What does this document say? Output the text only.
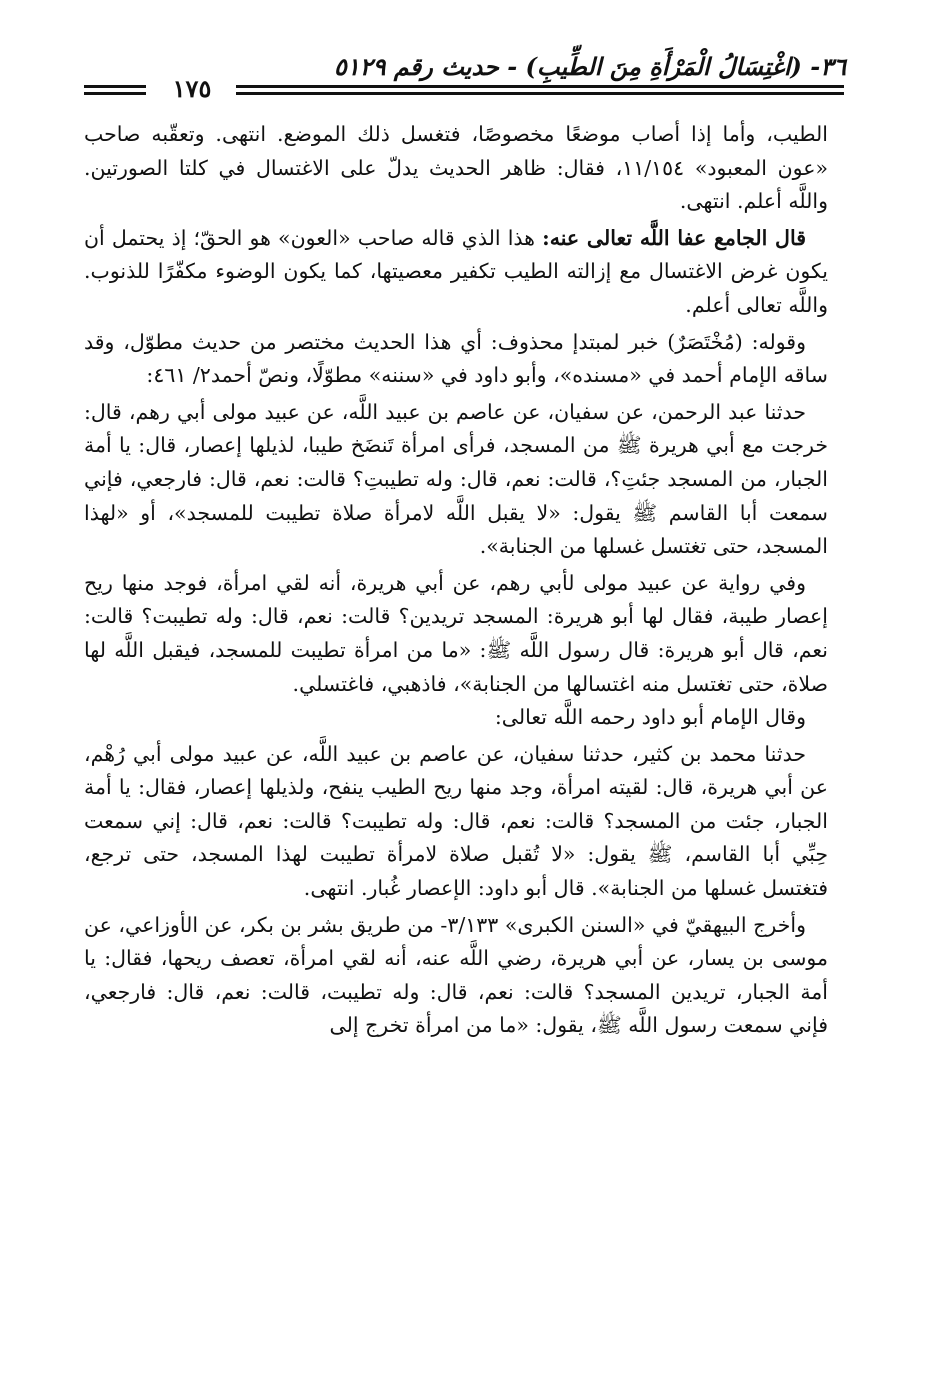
٣٦- (اغْتِسَالُ الْمَرْأَةِ مِنَ الطِّيبِ) - حديث رقم ٥١٢٩
١٧٥

الطيب، وأما إذا أصاب موضعًا مخصوصًا، فتغسل ذلك الموضع. انتهى. وتعقّبه صاحب «عون المعبود» ١١/١٥٤، فقال: ظاهر الحديث يدلّ على الاغتسال في كلتا الصورتين. واللَّه أعلم. انتهى.

قال الجامع عفا اللَّه تعالى عنه: هذا الذي قاله صاحب «العون» هو الحقّ؛ إذ يحتمل أن يكون غرض الاغتسال مع إزالته الطيب تكفير معصيتها، كما يكون الوضوء مكفّرًا للذنوب. واللَّه تعالى أعلم.

وقوله: (مُخْتَصَرٌ) خبر لمبتدإ محذوف: أي هذا الحديث مختصر من حديث مطوّل، وقد ساقه الإمام أحمد في «مسنده»، وأبو داود في «سننه» مطوّلًا، ونصّ أحمد٢/ ٤٦١:

حدثنا عبد الرحمن، عن سفيان، عن عاصم بن عبيد اللَّه، عن عبيد مولى أبي رهم، قال: خرجت مع أبي هريرة ﷺ من المسجد، فرأى امرأة تَنضَخ طيبا، لذيلها إعصار، قال: يا أمة الجبار، من المسجد جئتِ؟، قالت: نعم، قال: وله تطيبتِ؟ قالت: نعم، قال: فارجعي، فإني سمعت أبا القاسم ﷺ يقول: «لا يقبل اللَّه لامرأة صلاة تطيبت للمسجد»، أو «لهذا المسجد، حتى تغتسل غسلها من الجنابة».

وفي رواية عن عبيد مولى لأبي رهم، عن أبي هريرة، أنه لقي امرأة، فوجد منها ريح إعصار طيبة، فقال لها أبو هريرة: المسجد تريدين؟ قالت: نعم، قال: وله تطيبت؟ قالت: نعم، قال أبو هريرة: قال رسول اللَّه ﷺ: «ما من امرأة تطيبت للمسجد، فيقبل اللَّه لها صلاة، حتى تغتسل منه اغتسالها من الجنابة»، فاذهبي، فاغتسلي.

وقال الإمام أبو داود رحمه اللَّه تعالى:

حدثنا محمد بن كثير، حدثنا سفيان، عن عاصم بن عبيد اللَّه، عن عبيد مولى أبي رُهْم، عن أبي هريرة، قال: لقيته امرأة، وجد منها ريح الطيب ينفح، ولذيلها إعصار، فقال: يا أمة الجبار، جئت من المسجد؟ قالت: نعم، قال: وله تطيبت؟ قالت: نعم، قال: إني سمعت حِبِّي أبا القاسم، ﷺ يقول: «لا تُقبل صلاة لامرأة تطيبت لهذا المسجد، حتى ترجع، فتغتسل غسلها من الجنابة». قال أبو داود: الإعصار غُبار. انتهى.

وأخرج البيهقيّ في «السنن الكبرى» ٣/١٣٣- من طريق بشر بن بكر، عن الأوزاعي، عن موسى بن يسار، عن أبي هريرة، رضي اللَّه عنه، أنه لقي امرأة، تعصف ريحها، فقال: يا أمة الجبار، تريدين المسجد؟ قالت: نعم، قال: وله تطيبت، قالت: نعم، قال: فارجعي، فإني سمعت رسول اللَّه ﷺ، يقول: «ما من امرأة تخرج إلى
